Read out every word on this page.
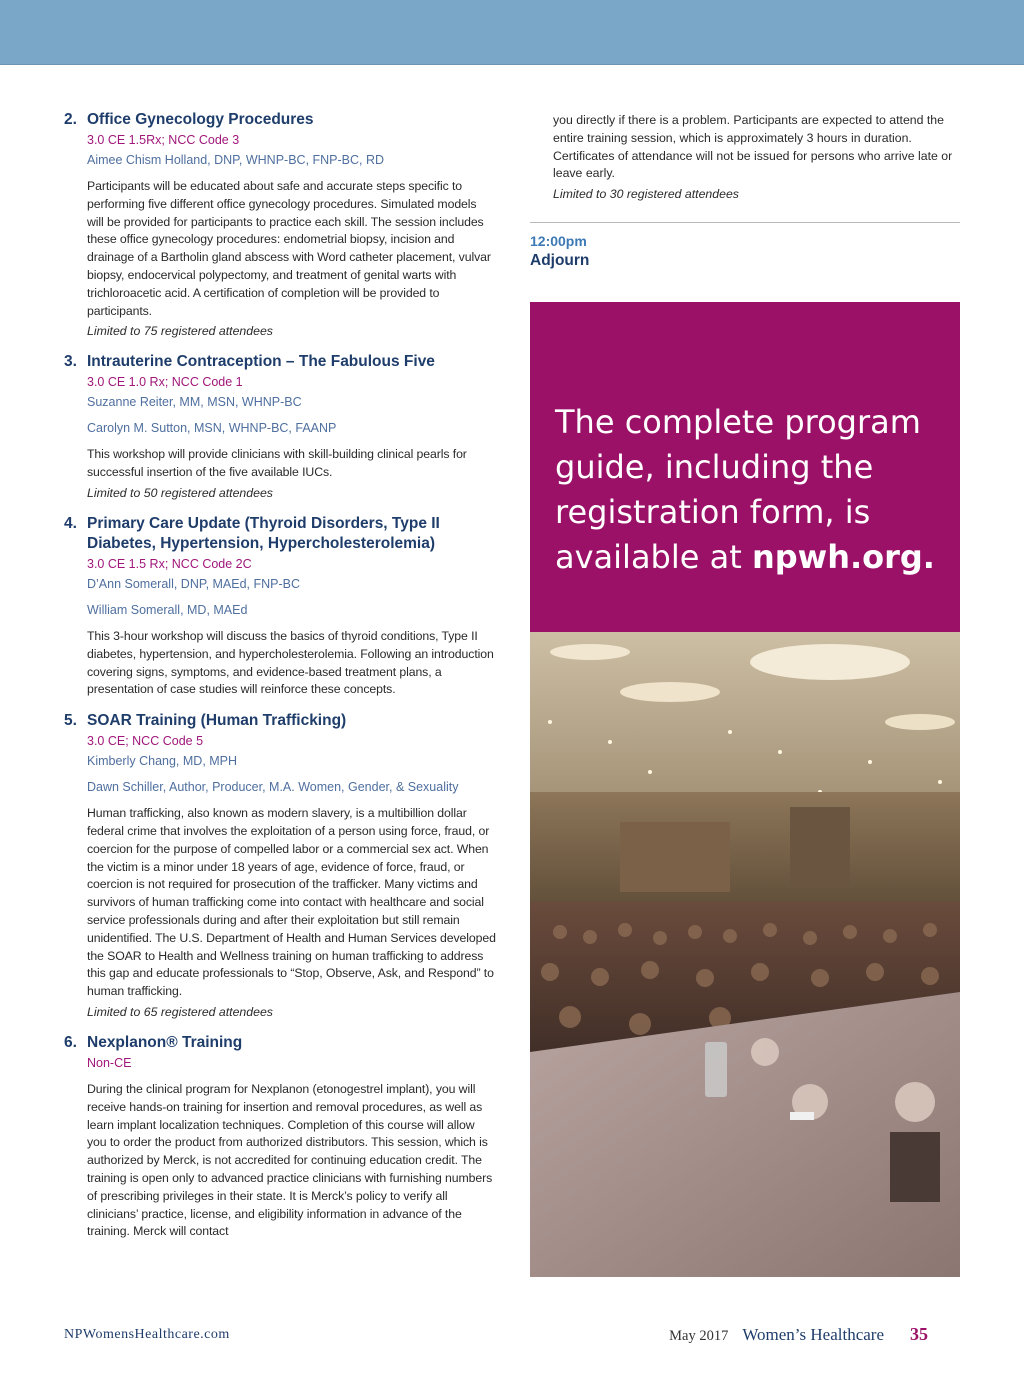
2. Office Gynecology Procedures
3.0 CE 1.5Rx; NCC Code 3
Aimee Chism Holland, DNP, WHNP-BC, FNP-BC, RD
Participants will be educated about safe and accurate steps specific to performing five different office gynecology procedures. Simulated models will be provided for participants to practice each skill. The session includes these office gynecology procedures: endometrial biopsy, incision and drainage of a Bartholin gland abscess with Word catheter placement, vulvar biopsy, endocervical polypectomy, and treatment of genital warts with trichloroacetic acid. A certification of completion will be provided to participants.
Limited to 75 registered attendees
3. Intrauterine Contraception – The Fabulous Five
3.0 CE 1.0 Rx; NCC Code 1
Suzanne Reiter, MM, MSN, WHNP-BC
Carolyn M. Sutton, MSN, WHNP-BC, FAANP
This workshop will provide clinicians with skill-building clinical pearls for successful insertion of the five available IUCs.
Limited to 50 registered attendees
4. Primary Care Update (Thyroid Disorders, Type II Diabetes, Hypertension, Hypercholesterolemia)
3.0 CE 1.5 Rx; NCC Code 2C
D’Ann Somerall, DNP, MAEd, FNP-BC
William Somerall, MD, MAEd
This 3-hour workshop will discuss the basics of thyroid conditions, Type II diabetes, hypertension, and hypercholesterolemia. Following an introduction covering signs, symptoms, and evidence-based treatment plans, a presentation of case studies will reinforce these concepts.
5. SOAR Training (Human Trafficking)
3.0 CE; NCC Code 5
Kimberly Chang, MD, MPH
Dawn Schiller, Author, Producer, M.A. Women, Gender, & Sexuality
Human trafficking, also known as modern slavery, is a multibillion dollar federal crime that involves the exploitation of a person using force, fraud, or coercion for the purpose of compelled labor or a commercial sex act. When the victim is a minor under 18 years of age, evidence of force, fraud, or coercion is not required for prosecution of the trafficker. Many victims and survivors of human trafficking come into contact with healthcare and social service professionals during and after their exploitation but still remain unidentified. The U.S. Department of Health and Human Services developed the SOAR to Health and Wellness training on human trafficking to address this gap and educate professionals to “Stop, Observe, Ask, and Respond” to human trafficking.
Limited to 65 registered attendees
6. Nexplanon® Training
Non-CE
During the clinical program for Nexplanon (etonogestrel implant), you will receive hands-on training for insertion and removal procedures, as well as learn implant localization techniques. Completion of this course will allow you to order the product from authorized distributors. This session, which is authorized by Merck, is not accredited for continuing education credit. The training is open only to advanced practice clinicians with furnishing numbers of prescribing privileges in their state. It is Merck’s policy to verify all clinicians’ practice, license, and eligibility information in advance of the training. Merck will contact
you directly if there is a problem. Participants are expected to attend the entire training session, which is approximately 3 hours in duration. Certificates of attendance will not be issued for persons who arrive late or leave early.
Limited to 30 registered attendees
12:00pm
Adjourn
The complete program guide, including the registration form, is available at npwh.org.
NPWomensHealthcare.com	May 2017 Women’s Healthcare 35
